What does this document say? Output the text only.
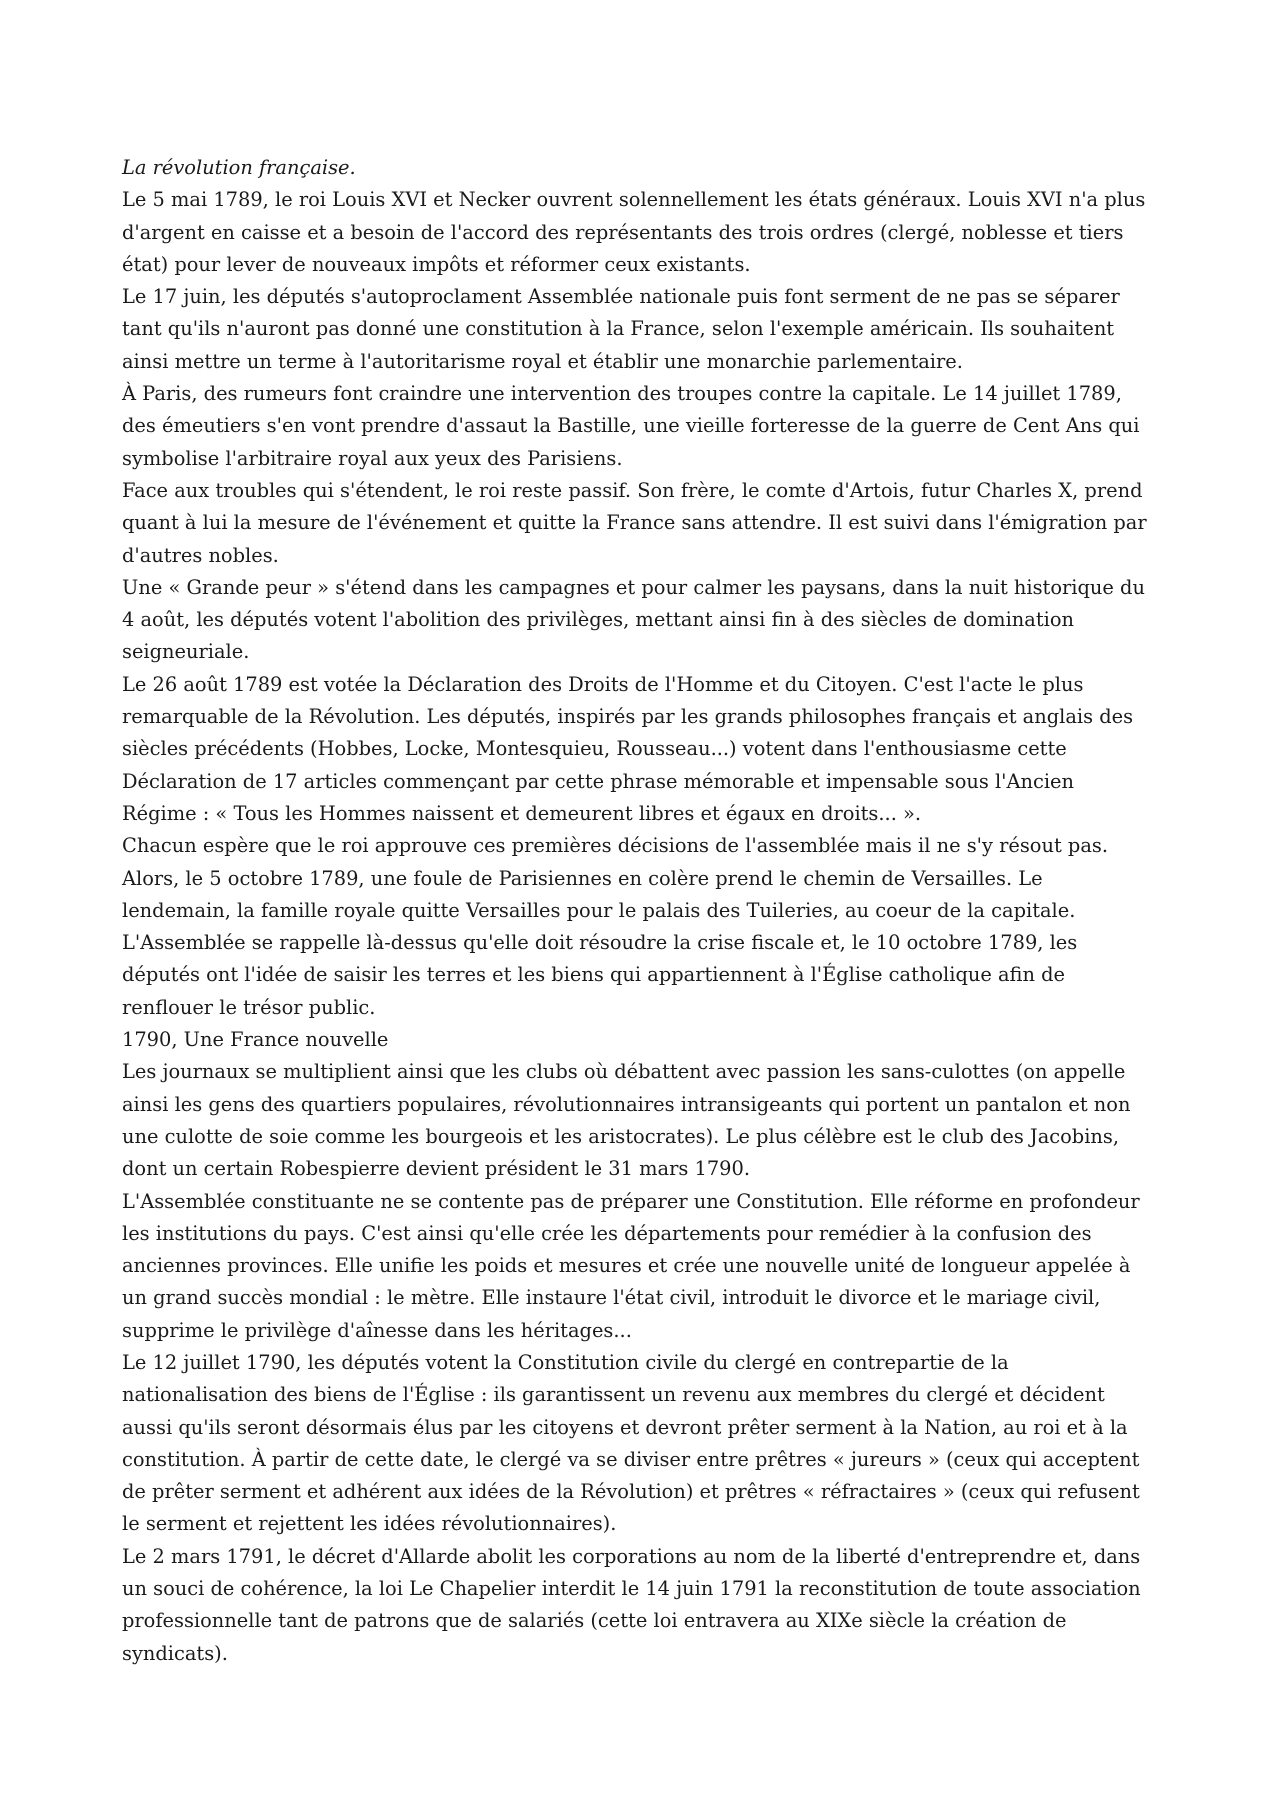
La révolution française.
Le 5 mai 1789, le roi Louis XVI et Necker ouvrent solennellement les états généraux. Louis XVI n'a plus
d'argent en caisse et a besoin de l'accord des représentants des trois ordres (clergé, noblesse et tiers
état) pour lever de nouveaux impôts et réformer ceux existants.
Le 17 juin, les députés s'autoproclament Assemblée nationale puis font serment de ne pas se séparer
tant qu'ils n'auront pas donné une constitution à la France, selon l'exemple américain. Ils souhaitent
ainsi mettre un terme à l'autoritarisme royal et établir une monarchie parlementaire.
À Paris, des rumeurs font craindre une intervention des troupes contre la capitale. Le 14 juillet 1789,
des émeutiers s'en vont prendre d'assaut la Bastille, une vieille forteresse de la guerre de Cent Ans qui
symbolise l'arbitraire royal aux yeux des Parisiens.
Face aux troubles qui s'étendent, le roi reste passif. Son frère, le comte d'Artois, futur Charles X, prend
quant à lui la mesure de l'événement et quitte la France sans attendre. Il est suivi dans l'émigration par
d'autres nobles.
Une « Grande peur » s'étend dans les campagnes et pour calmer les paysans, dans la nuit historique du
4 août, les députés votent l'abolition des privilèges, mettant ainsi fin à des siècles de domination
seigneuriale.
Le 26 août 1789 est votée la Déclaration des Droits de l'Homme et du Citoyen. C'est l'acte le plus
remarquable de la Révolution. Les députés, inspirés par les grands philosophes français et anglais des
siècles précédents (Hobbes, Locke, Montesquieu, Rousseau...) votent dans l'enthousiasme cette
Déclaration de 17 articles commençant par cette phrase mémorable et impensable sous l'Ancien
Régime : « Tous les Hommes naissent et demeurent libres et égaux en droits... ».
Chacun espère que le roi approuve ces premières décisions de l'assemblée mais il ne s'y résout pas.
Alors, le 5 octobre 1789, une foule de Parisiennes en colère prend le chemin de Versailles. Le
lendemain, la famille royale quitte Versailles pour le palais des Tuileries, au coeur de la capitale.
L'Assemblée se rappelle là-dessus qu'elle doit résoudre la crise fiscale et, le 10 octobre 1789, les
députés ont l'idée de saisir les terres et les biens qui appartiennent à l'Église catholique afin de
renflouer le trésor public.
1790, Une France nouvelle
Les journaux se multiplient ainsi que les clubs où débattent avec passion les sans-culottes (on appelle
ainsi les gens des quartiers populaires, révolutionnaires intransigeants qui portent un pantalon et non
une culotte de soie comme les bourgeois et les aristocrates). Le plus célèbre est le club des Jacobins,
dont un certain Robespierre devient président le 31 mars 1790.
L'Assemblée constituante ne se contente pas de préparer une Constitution. Elle réforme en profondeur
les institutions du pays. C'est ainsi qu'elle crée les départements pour remédier à la confusion des
anciennes provinces. Elle unifie les poids et mesures et crée une nouvelle unité de longueur appelée à
un grand succès mondial : le mètre. Elle instaure l'état civil, introduit le divorce et le mariage civil,
supprime le privilège d'aînesse dans les héritages...
Le 12 juillet 1790, les députés votent la Constitution civile du clergé en contrepartie de la
nationalisation des biens de l'Église : ils garantissent un revenu aux membres du clergé et décident
aussi qu'ils seront désormais élus par les citoyens et devront prêter serment à la Nation, au roi et à la
constitution. À partir de cette date, le clergé va se diviser entre prêtres « jureurs » (ceux qui acceptent
de prêter serment et adhérent aux idées de la Révolution) et prêtres « réfractaires » (ceux qui refusent
le serment et rejettent les idées révolutionnaires).
Le 2 mars 1791, le décret d'Allarde abolit les corporations au nom de la liberté d'entreprendre et, dans
un souci de cohérence, la loi Le Chapelier interdit le 14 juin 1791 la reconstitution de toute association
professionnelle tant de patrons que de salariés (cette loi entravera au XIXe siècle la création de
syndicats).
